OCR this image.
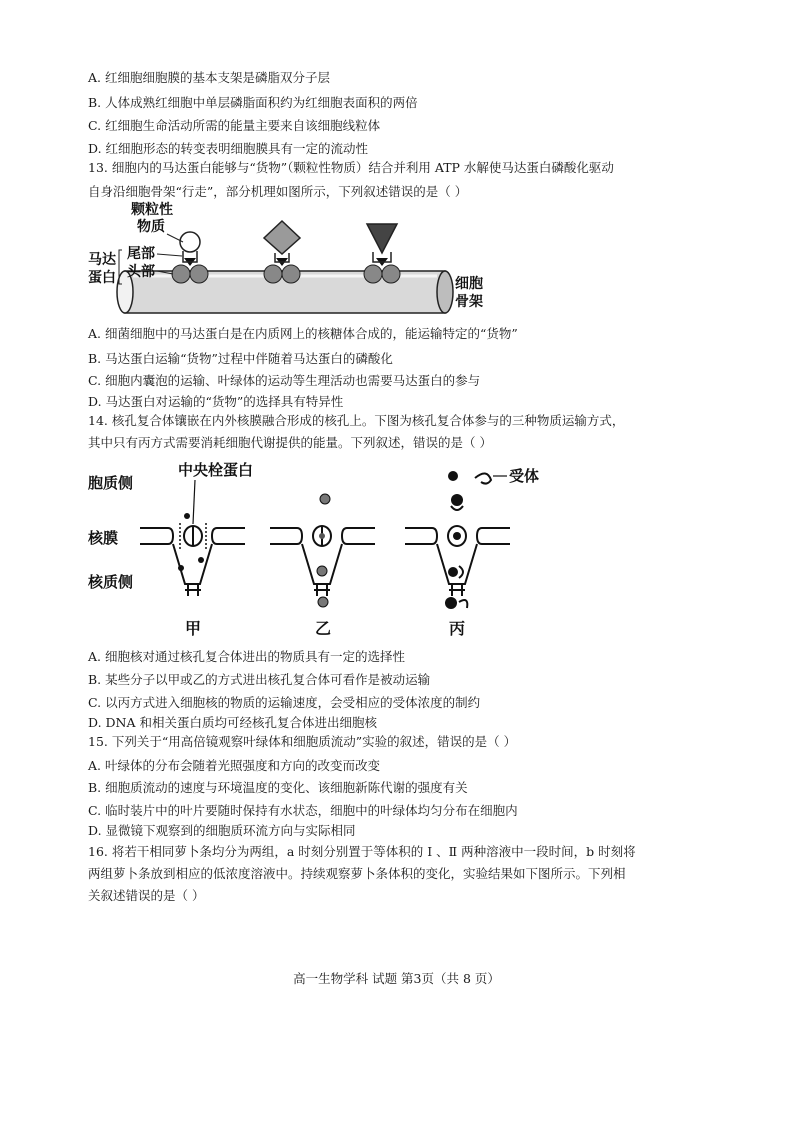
A. 红细胞细胞膜的基本支架是磷脂双分子层
B. 人体成熟红细胞中单层磷脂面积约为红细胞表面积的两倍
C. 红细胞生命活动所需的能量主要来自该细胞线粒体
D. 红细胞形态的转变表明细胞膜具有一定的流动性
13. 细胞内的马达蛋白能够与“货物”（颗粒性物质）结合并利用 ATP 水解使马达蛋白磷酸化驱动
自身沿细胞骨架“行走”，部分机理如图所示，下列叙述错误的是（ ）
颗粒性
物质
马达
蛋白
尾部
头部
细胞
骨架
A. 细菌细胞中的马达蛋白是在内质网上的核糖体合成的，能运输特定的“货物”
B. 马达蛋白运输“货物”过程中伴随着马达蛋白的磷酸化
C. 细胞内囊泡的运输、叶绿体的运动等生理活动也需要马达蛋白的参与
D. 马达蛋白对运输的“货物”的选择具有特异性
14. 核孔复合体镶嵌在内外核膜融合形成的核孔上。下图为核孔复合体参与的三种物质运输方式，
其中只有丙方式需要消耗细胞代谢提供的能量。下列叙述，错误的是（ ）
胞质侧
核膜
核质侧
中央栓蛋白
甲	乙
受体
丙
A. 细胞核对通过核孔复合体进出的物质具有一定的选择性
B. 某些分子以甲或乙的方式进出核孔复合体可看作是被动运输
C. 以丙方式进入细胞核的物质的运输速度，会受相应的受体浓度的制约
D. DNA 和相关蛋白质均可经核孔复合体进出细胞核
15. 下列关于“用高倍镜观察叶绿体和细胞质流动”实验的叙述，错误的是（ ）
A. 叶绿体的分布会随着光照强度和方向的改变而改变
B. 细胞质流动的速度与环境温度的变化、该细胞新陈代谢的强度有关
C. 临时装片中的叶片要随时保持有水状态，细胞中的叶绿体均匀分布在细胞内
D. 显微镜下观察到的细胞质环流方向与实际相同
16. 将若干相同萝卜条均分为两组，a 时刻分别置于等体积的 Ⅰ 、Ⅱ 两种溶液中一段时间，b 时刻将
两组萝卜条放到相应的低浓度溶液中。持续观察萝卜条体积的变化，实验结果如下图所示。下列相
关叙述错误的是（ ）
高一生物学科 试题 第3页（共 8 页）
